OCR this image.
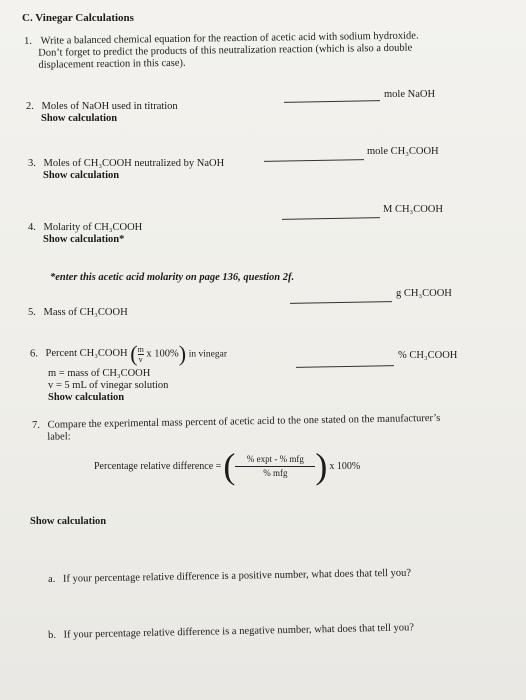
C. Vinegar Calculations
1. Write a balanced chemical equation for the reaction of acetic acid with sodium hydroxide.
Don’t forget to predict the products of this neutralization reaction (which is also a double
displacement reaction in this case).
2. Moles of NaOH used in titration
Show calculation
mole NaOH
3. Moles of CH₃COOH neutralized by NaOH
Show calculation
mole CH₃COOH
4. Molarity of CH₃COOH
Show calculation*
M CH₃COOH
*enter this acetic acid molarity on page 136, question 2f.
5. Mass of CH₃COOH
g CH₃COOH
6. Percent CH₃COOH ( $\frac{m}{v}$ x 100%) in vinegar
m = mass of CH₃COOH
v = 5 mL of vinegar solution
Show calculation
% CH₃COOH
7. Compare the experimental mass percent of acetic acid to the one stated on the manufacturer’s
label:
Percentage relative difference = ( % expt - % mfg
% mfg ) x 100%
Show calculation
a. If your percentage relative difference is a positive number, what does that tell you?
b. If your percentage relative difference is a negative number, what does that tell you?
